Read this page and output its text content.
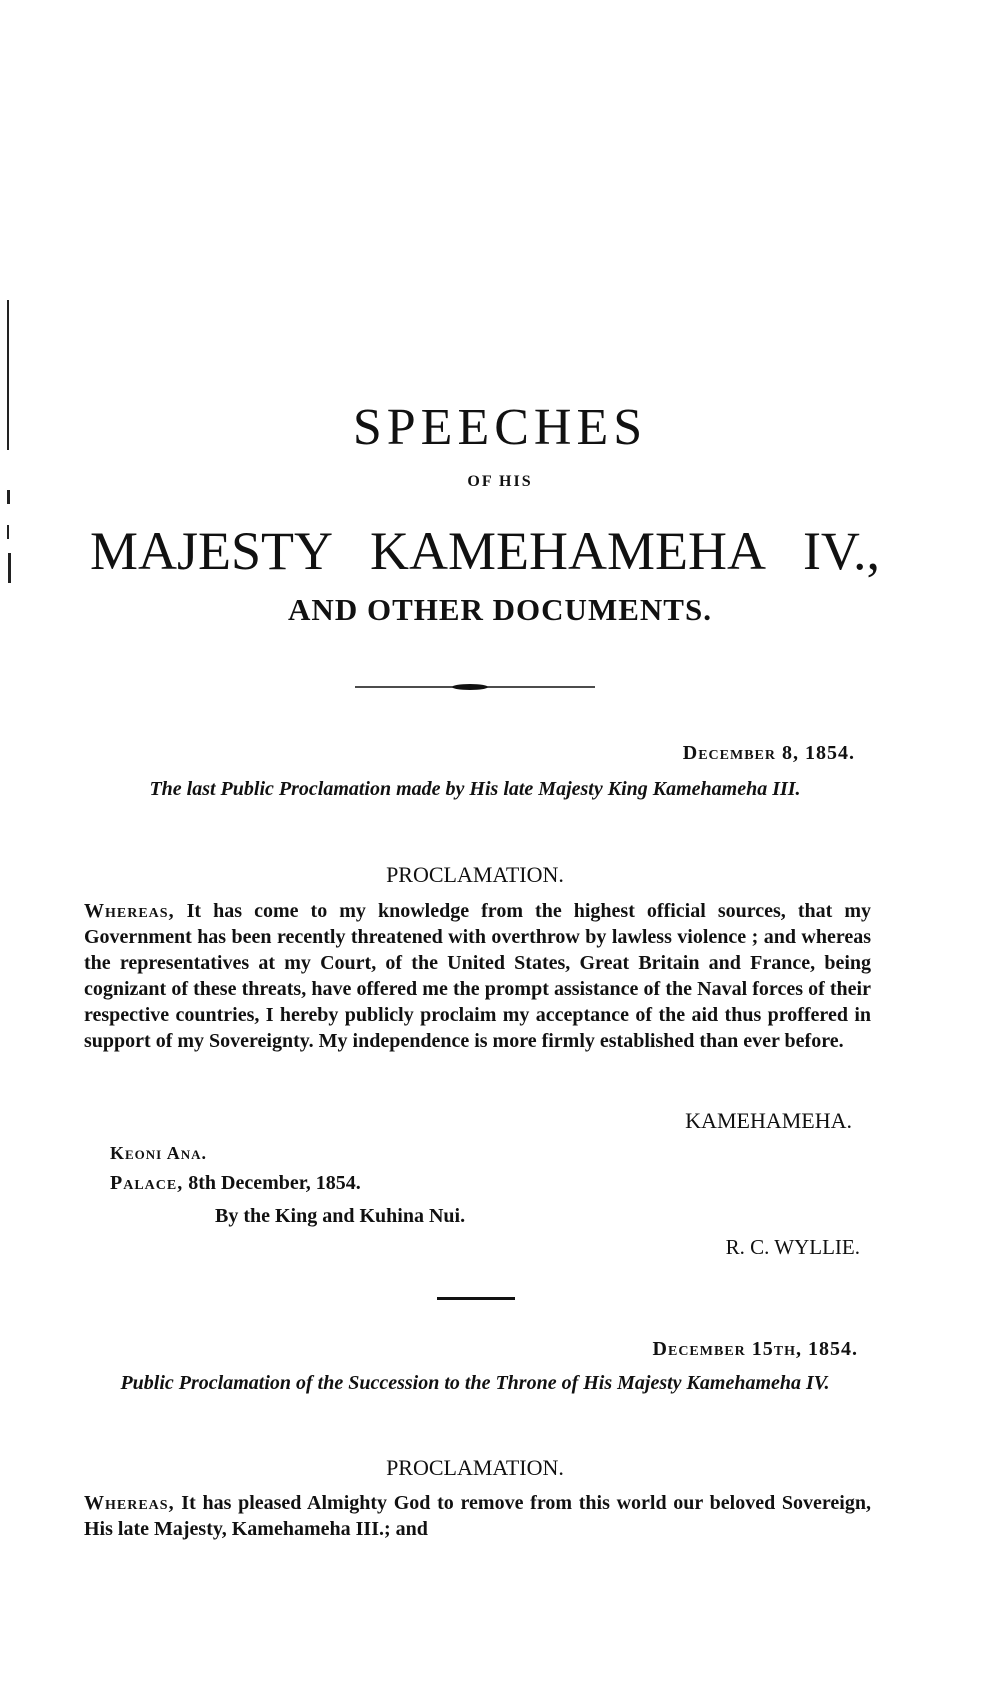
SPEECHES
OF HIS
MAJESTY KAMEHAMEHA IV.,
AND OTHER DOCUMENTS.
December 8, 1854.
The last Public Proclamation made by His late Majesty King Kamehameha III.
PROCLAMATION.
Whereas, It has come to my knowledge from the highest official sources, that my Government has been recently threatened with overthrow by lawless violence ; and whereas the representatives at my Court, of the United States, Great Britain and France, being cognizant of these threats, have offered me the prompt assistance of the Naval forces of their respective countries, I hereby publicly proclaim my acceptance of the aid thus proffered in support of my Sovereignty. My independence is more firmly established than ever before.
KAMEHAMEHA.
Keoni Ana.
Palace, 8th December, 1854.
By the King and Kuhina Nui.
R. C. WYLLIE.
December 15th, 1854.
Public Proclamation of the Succession to the Throne of His Majesty Kamehameha IV.
PROCLAMATION.
Whereas, It has pleased Almighty God to remove from this world our beloved Sovereign, His late Majesty, Kamehameha III.; and
